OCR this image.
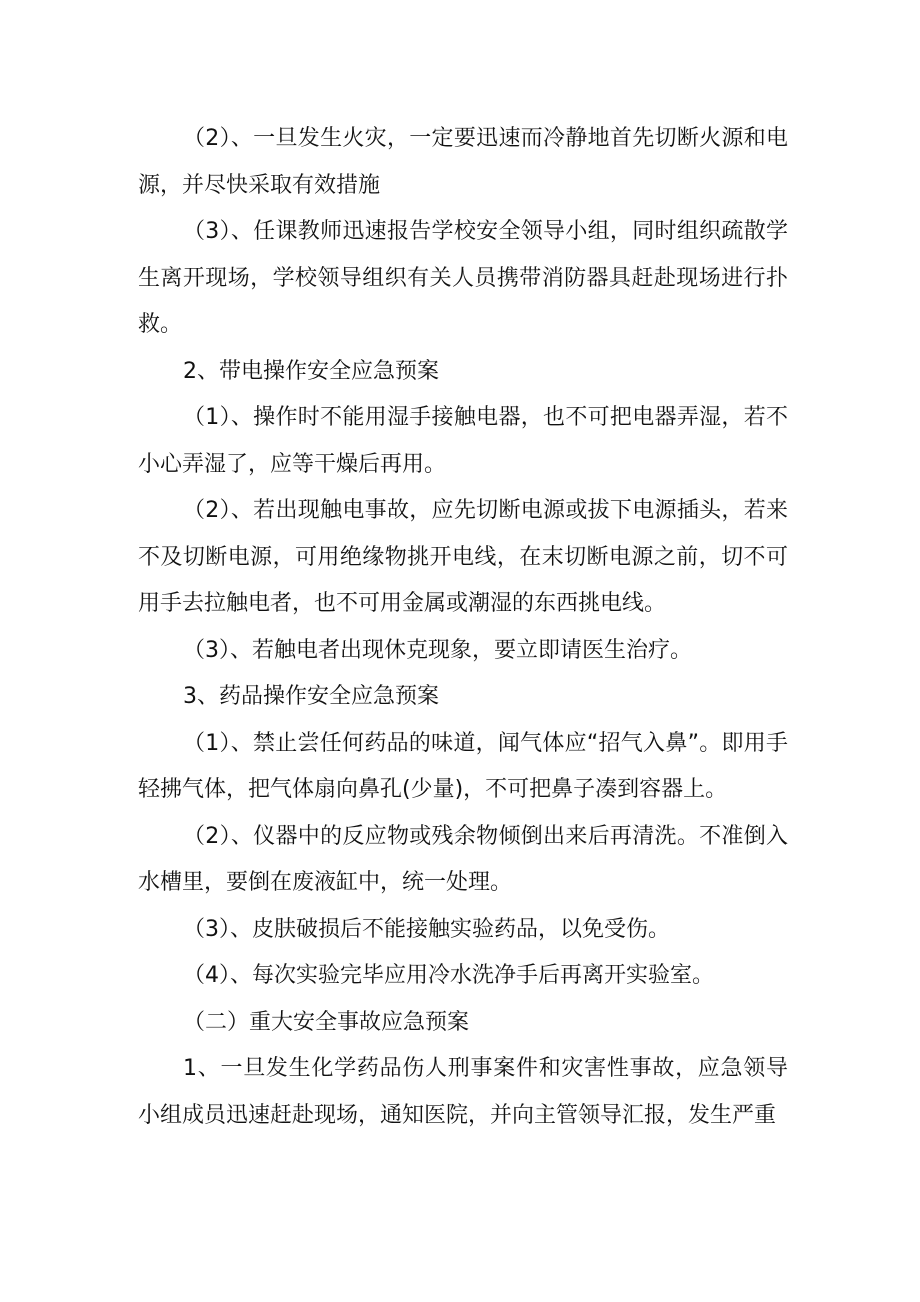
（2）、一旦发生火灾，一定要迅速而冷静地首先切断火源和电源，并尽快采取有效措施

（3）、任课教师迅速报告学校安全领导小组，同时组织疏散学生离开现场，学校领导组织有关人员携带消防器具赶赴现场进行扑救。

2、带电操作安全应急预案

（1）、操作时不能用湿手接触电器，也不可把电器弄湿，若不小心弄湿了，应等干燥后再用。

（2）、若出现触电事故，应先切断电源或拔下电源插头，若来不及切断电源，可用绝缘物挑开电线，在末切断电源之前，切不可用手去拉触电者，也不可用金属或潮湿的东西挑电线。

（3）、若触电者出现休克现象，要立即请医生治疗。

3、药品操作安全应急预案

（1）、禁止尝任何药品的味道，闻气体应“招气入鼻”。即用手轻拂气体，把气体扇向鼻孔(少量)，不可把鼻子凑到容器上。

（2）、仪器中的反应物或残余物倾倒出来后再清洗。不准倒入水槽里，要倒在废液缸中，统一处理。

（3）、皮肤破损后不能接触实验药品，以免受伤。

（4）、每次实验完毕应用冷水洗净手后再离开实验室。

（二）重大安全事故应急预案

1、一旦发生化学药品伤人刑事案件和灾害性事故，应急领导小组成员迅速赶赴现场，通知医院，并向主管领导汇报，发生严重
